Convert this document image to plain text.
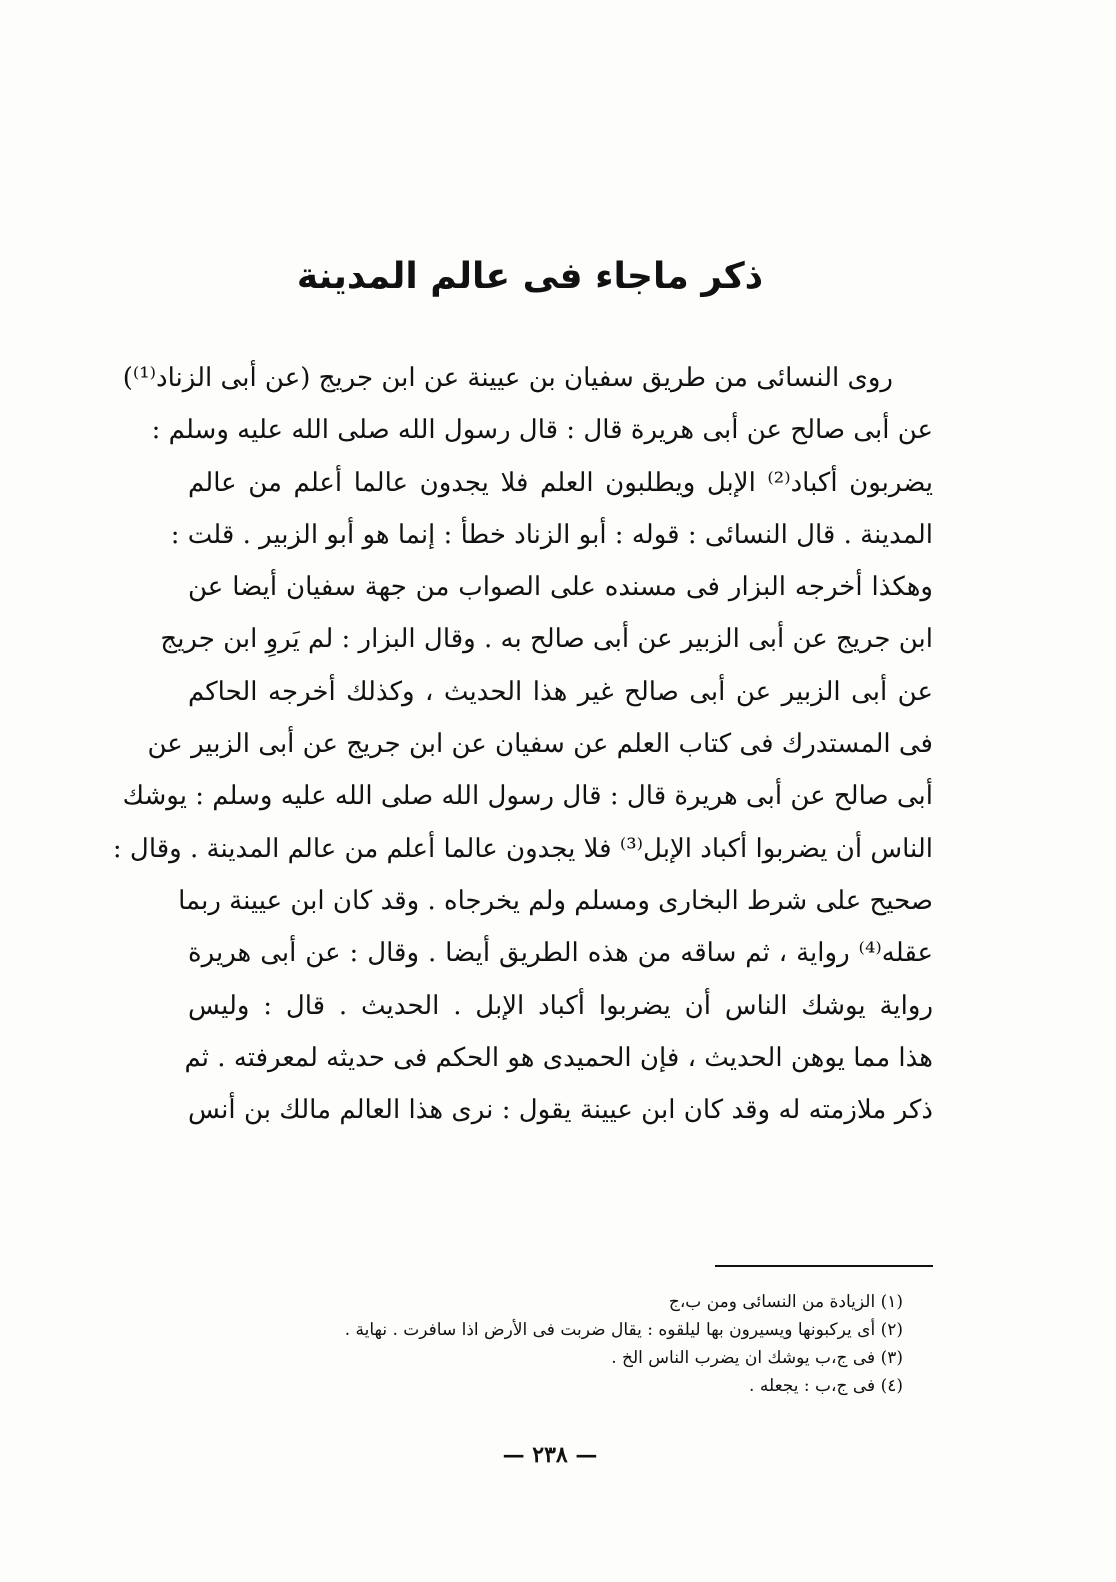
ذكر ماجاء فى عالم المدينة
روى النسائى من طريق سفيان بن عيينة عن ابن جريج (عن أبى الزناد⁽¹⁾)
عن أبى صالح عن أبى هريرة قال : قال رسول الله صلى الله عليه وسلم :
يضربون أكباد⁽²⁾ الإبل ويطلبون العلم فلا يجدون عالما أعلم من عالم
المدينة . قال النسائى : قوله : أبو الزناد خطأ : إنما هو أبو الزبير . قلت :
وهكذا أخرجه البزار فى مسنده على الصواب من جهة سفيان أيضا عن
ابن جريج عن أبى الزبير عن أبى صالح به . وقال البزار : لم يَروِ ابن جريج
عن أبى الزبير عن أبى صالح غير هذا الحديث ، وكذلك أخرجه الحاكم
فى المستدرك فى كتاب العلم عن سفيان عن ابن جريج عن أبى الزبير عن
أبى صالح عن أبى هريرة قال : قال رسول الله صلى الله عليه وسلم : يوشك
الناس أن يضربوا أكباد الإبل⁽³⁾ فلا يجدون عالما أعلم من عالم المدينة . وقال :
صحيح على شرط البخارى ومسلم ولم يخرجاه . وقد كان ابن عيينة ربما
عقله⁽⁴⁾ رواية ، ثم ساقه من هذه الطريق أيضا . وقال : عن أبى هريرة
رواية يوشك الناس أن يضربوا أكباد الإبل . الحديث . قال : وليس
هذا مما يوهن الحديث ، فإن الحميدى هو الحكم فى حديثه لمعرفته . ثم
ذكر ملازمته له وقد كان ابن عيينة يقول : نرى هذا العالم مالك بن أنس
(١) الزيادة من النسائى ومن ب،ج
(٢) أى يركبونها ويسيرون بها ليلقوه : يقال ضربت فى الأرض اذا سافرت . نهاية .
(٣) فى ج،ب يوشك ان يضرب الناس الخ .
(٤) فى ج،ب : يجعله .
— ٢٣٨ —
